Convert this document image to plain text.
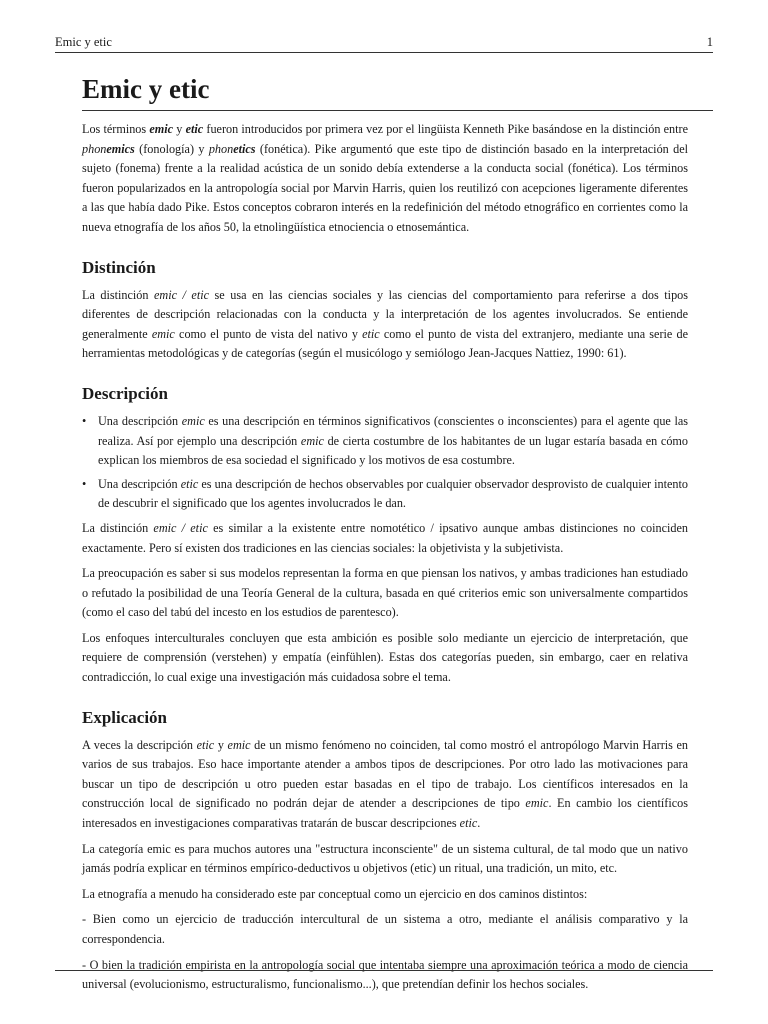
Emic y etic	1
Emic y etic

Los términos emic y etic fueron introducidos por primera vez por el lingüista Kenneth Pike basándose en la distinción entre phonemics (fonología) y phonetics (fonética). Pike argumentó que este tipo de distinción basado en la interpretación del sujeto (fonema) frente a la realidad acústica de un sonido debía extenderse a la conducta social (fonética). Los términos fueron popularizados en la antropología social por Marvin Harris, quien los reutilizó con acepciones ligeramente diferentes a las que había dado Pike. Estos conceptos cobraron interés en la redefinición del método etnográfico en corrientes como la nueva etnografía de los años 50, la etnolingüística etnociencia o etnosemántica.

Distinción

La distinción emic / etic se usa en las ciencias sociales y las ciencias del comportamiento para referirse a dos tipos diferentes de descripción relacionadas con la conducta y la interpretación de los agentes involucrados. Se entiende generalmente emic como el punto de vista del nativo y etic como el punto de vista del extranjero, mediante una serie de herramientas metodológicas y de categorías (según el musicólogo y semiólogo Jean-Jacques Nattiez, 1990: 61).

Descripción
• Una descripción emic es una descripción en términos significativos (conscientes o inconscientes) para el agente que las realiza. Así por ejemplo una descripción emic de cierta costumbre de los habitantes de un lugar estaría basada en cómo explican los miembros de esa sociedad el significado y los motivos de esa costumbre.
• Una descripción etic es una descripción de hechos observables por cualquier observador desprovisto de cualquier intento de descubrir el significado que los agentes involucrados le dan.

La distinción emic / etic es similar a la existente entre nomotético / ipsativo aunque ambas distinciones no coinciden exactamente. Pero sí existen dos tradiciones en las ciencias sociales: la objetivista y la subjetivista.

La preocupación es saber si sus modelos representan la forma en que piensan los nativos, y ambas tradiciones han estudiado o refutado la posibilidad de una Teoría General de la cultura, basada en qué criterios emic son universalmente compartidos (como el caso del tabú del incesto en los estudios de parentesco).

Los enfoques interculturales concluyen que esta ambición es posible solo mediante un ejercicio de interpretación, que requiere de comprensión (verstehen) y empatía (einfühlen). Estas dos categorías pueden, sin embargo, caer en relativa contradicción, lo cual exige una investigación más cuidadosa sobre el tema.

Explicación

A veces la descripción etic y emic de un mismo fenómeno no coinciden, tal como mostró el antropólogo Marvin Harris en varios de sus trabajos. Eso hace importante atender a ambos tipos de descripciones. Por otro lado las motivaciones para buscar un tipo de descripción u otro pueden estar basadas en el tipo de trabajo. Los científicos interesados en la construcción local de significado no podrán dejar de atender a descripciones de tipo emic. En cambio los científicos interesados en investigaciones comparativas tratarán de buscar descripciones etic.

La categoría emic es para muchos autores una "estructura inconsciente" de un sistema cultural, de tal modo que un nativo jamás podría explicar en términos empírico-deductivos u objetivos (etic) un ritual, una tradición, un mito, etc.

La etnografía a menudo ha considerado este par conceptual como un ejercicio en dos caminos distintos:

- Bien como un ejercicio de traducción intercultural de un sistema a otro, mediante el análisis comparativo y la correspondencia.

- O bien la tradición empirista en la antropología social que intentaba siempre una aproximación teórica a modo de ciencia universal (evolucionismo, estructuralismo, funcionalismo...), que pretendían definir los hechos sociales.
